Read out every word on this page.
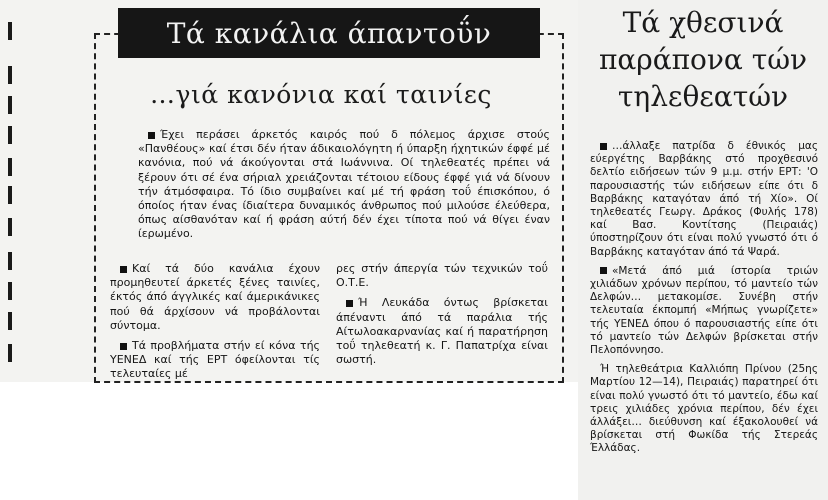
Τά κανάλια άπαντοΰν
…γιά κανόνια καί ταινίες

Έχει περάσει άρκετός καιρός πού δ πόλεμος άρχισε στούς «Πανθέους» καί έτσι δέν ήταν άδικαιολόγητη ή ύπαρξη ήχητικών έφφέ μέ κανόνια, πού νά άκούγονται στά Ιωάννινα. Οί τηλεθεατές πρέπει νά ξέρουν ότι σέ ένα σήριαλ χρειάζονται τέτοιου είδους έφφέ γιά νά δίνουν τήν άτμόσφαιρα. Τό ίδιο συμβαίνει καί μέ τή φράση τοΰ έπισκόπου, ό όποίος ήταν ένας ίδιαίτερα δυναμικός άνθρωπος πού μιλούσε έλεύθερα, όπως αίσθανόταν καί ή φράση αύτή δέν έχει τίποτα πού νά θίγει έναν ίερωμένο.

Καί τά δύο κανάλια έχουν προμηθευτεί άρκετές ξένες ταινίες, έκτός άπό άγγλικές καί άμερικάνικες πού θά άρχίσουν νά προβάλονται σύντομα.

Τά προβλήματα στήν εί κόνα τής ΥΕΝΕΔ καί τής ΕΡΤ όφείλονται τίς τελευταίες μέ

ρες στήν άπεργία τών τεχνικών τοΰ Ο.Τ.Ε.

Ή Λευκάδα όντως βρίσκεται άπέναντι άπό τά παράλια τής Αίτωλοακαρνανίας καί ή παρατήρηση τοΰ τηλεθεατή κ. Γ. Παπατρίχα είναι σωστή.

Τά χθεσινά παράπονα τών τηλεθεατών

…άλλαξε πατρίδα δ έθνικός μας εύεργέτης Βαρβάκης στό προχθεσινό δελτίο ειδήσεων τών 9 μ.μ. στήν ΕΡΤ: 'Ο παρουσιαστής τών ειδήσεων είπε ότι δ Βαρβάκης καταγόταν άπό τή Χίο». Οί τηλεθεατές Γεωργ. Δράκος (Φυλής 178) καί Βασ. Κοντίτσης (Πειραιάς) ύποστηρίζουν ότι είναι πολύ γνωστό ότι ό Βαρβάκης καταγόταν άπό τά Ψαρά.

«Μετά άπό μιά ίστορία τριών χιλιάδων χρόνων περίπου, τό μαντείο τών Δελφών… μετακομίσε. Συνέβη στήν τελευταία έκπομπή «Μήπως γνωρίζετε» τής ΥΕΝΕΔ όπου ό παρουσιαστής είπε ότι τό μαντείο τών Δελφών βρίσκεται στήν Πελοπόννησο.

Ή τηλεθεάτρια Καλλιόπη Πρίνου (25ης Μαρτίου 12—14), Πειραιάς) παρατηρεί ότι είναι πολύ γνωστό ότι τό μαντείο, έδω καί τρεις χιλιάδες χρόνια περίπου, δέν έχει άλλάξει… διεύθυνση καί έξακολουθεί νά βρίσκεται στή Φωκίδα τής Στερεάς Έλλάδας.
